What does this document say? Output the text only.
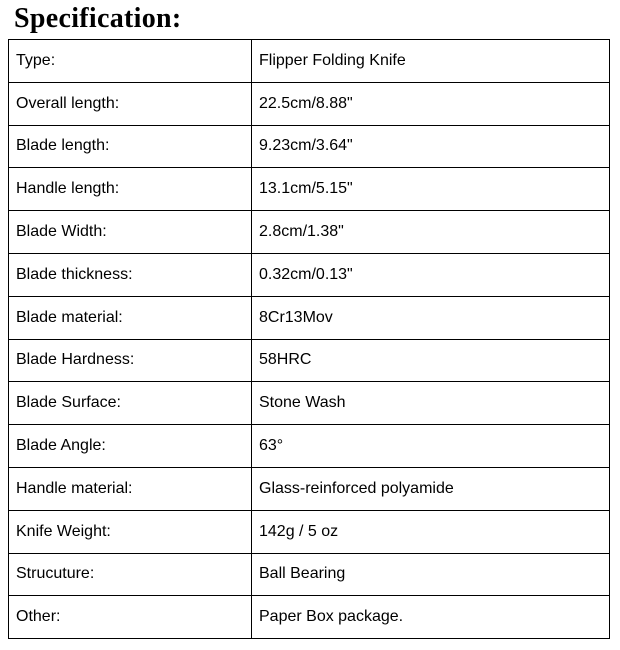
Specification:
Type:	Flipper Folding Knife
Overall length:	22.5cm/8.88"
Blade length:	9.23cm/3.64"
Handle length:	13.1cm/5.15"
Blade Width:	2.8cm/1.38"
Blade thickness:	0.32cm/0.13"
Blade material:	8Cr13Mov
Blade Hardness:	58HRC
Blade Surface:	Stone Wash
Blade Angle:	63°
Handle material:	Glass-reinforced polyamide
Knife Weight:	142g / 5 oz
Strucuture:	Ball Bearing
Other:	Paper Box package.
